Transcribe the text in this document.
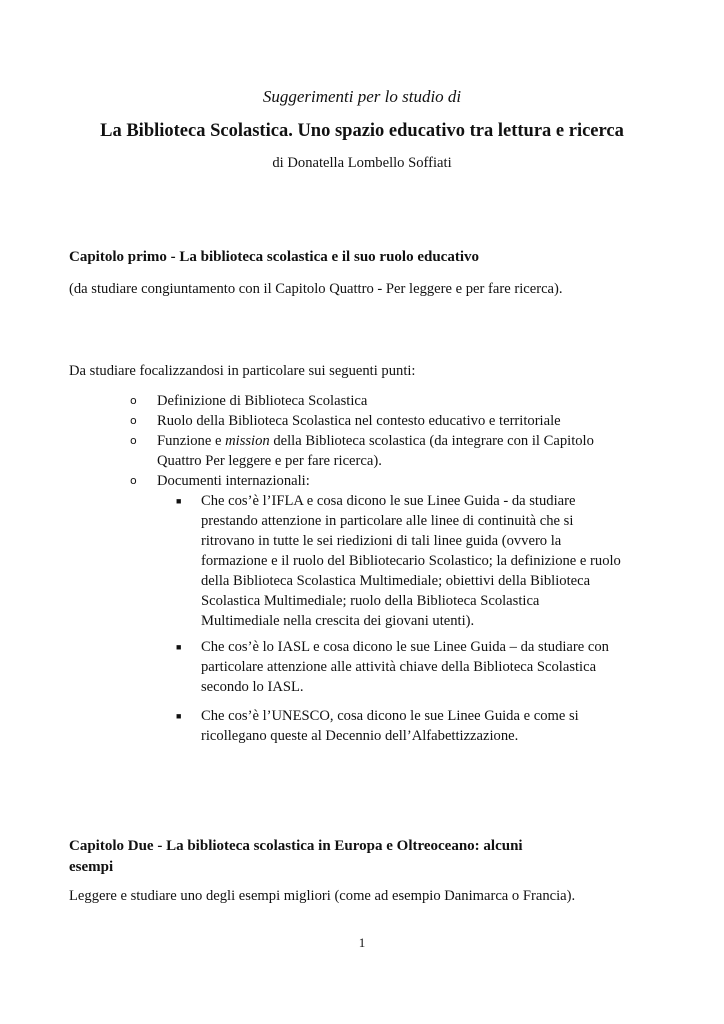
Suggerimenti per lo studio di
La Biblioteca Scolastica. Uno spazio educativo tra lettura e ricerca
di Donatella Lombello Soffiati
Capitolo primo - La biblioteca scolastica e il suo ruolo educativo
(da studiare congiuntamento con il Capitolo Quattro - Per leggere e per fare ricerca).
Da studiare focalizzandosi in particolare sui seguenti punti:
o Definizione di Biblioteca Scolastica
o Ruolo della Biblioteca Scolastica nel contesto educativo e territoriale
o Funzione e mission della Biblioteca scolastica (da integrare con il Capitolo
Quattro Per leggere e per fare ricerca).
o Documenti internazionali:
■ Che cos’è l’IFLA e cosa dicono le sue Linee Guida - da studiare
prestando attenzione in particolare alle linee di continuità che si
ritrovano in tutte le sei riedizioni di tali linee guida (ovvero la
formazione e il ruolo del Bibliotecario Scolastico; la definizione e ruolo
della Biblioteca Scolastica Multimediale; obiettivi della Biblioteca
Scolastica Multimediale; ruolo della Biblioteca Scolastica
Multimediale nella crescita dei giovani utenti).
■ Che cos’è lo IASL e cosa dicono le sue Linee Guida – da studiare con
particolare attenzione alle attività chiave della Biblioteca Scolastica
secondo lo IASL.
■ Che cos’è l’UNESCO, cosa dicono le sue Linee Guida e come si
ricollegano queste al Decennio dell’Alfabettizzazione.
Capitolo Due - La biblioteca scolastica in Europa e Oltreoceano: alcuni
esempi
Leggere e studiare uno degli esempi migliori (come ad esempio Danimarca o Francia).
1
